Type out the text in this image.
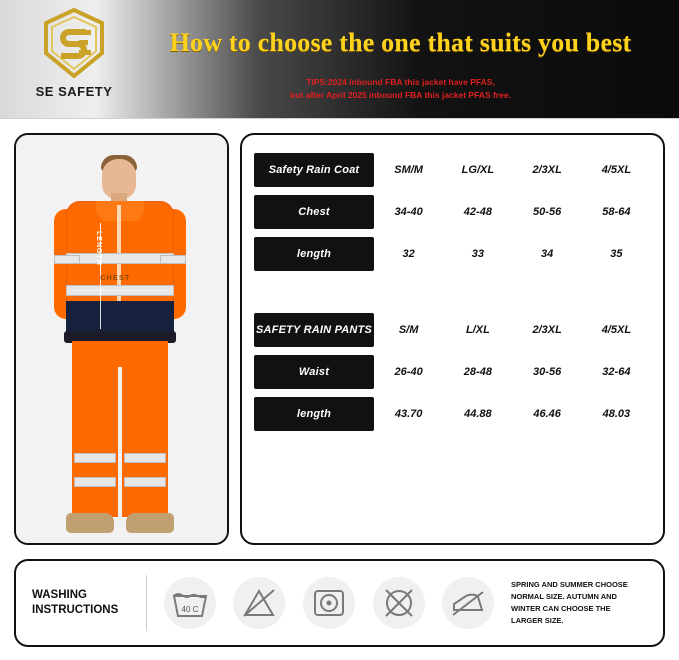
SE SAFETY
How to choose the one that suits you best
TIPS:2024 inbound FBA this jacket have PFAS,
but after April 2025 inbound FBA this jacket PFAS free.
LENGTH
CHEST
Safety Rain Coat	SM/M	LG/XL	2/3XL	4/5XL
Chest	34-40	42-48	50-56	58-64
length	32	33	34	35
SAFETY RAIN PANTS	S/M	L/XL	2/3XL	4/5XL
Waist	26-40	28-48	30-56	32-64
length	43.70	44.88	46.46	48.03
WASHING
INSTRUCTIONS	40 C
SPRING AND SUMMER CHOOSE
NORMAL SIZE. AUTUMN AND
WINTER CAN CHOOSE THE
LARGER SIZE.
